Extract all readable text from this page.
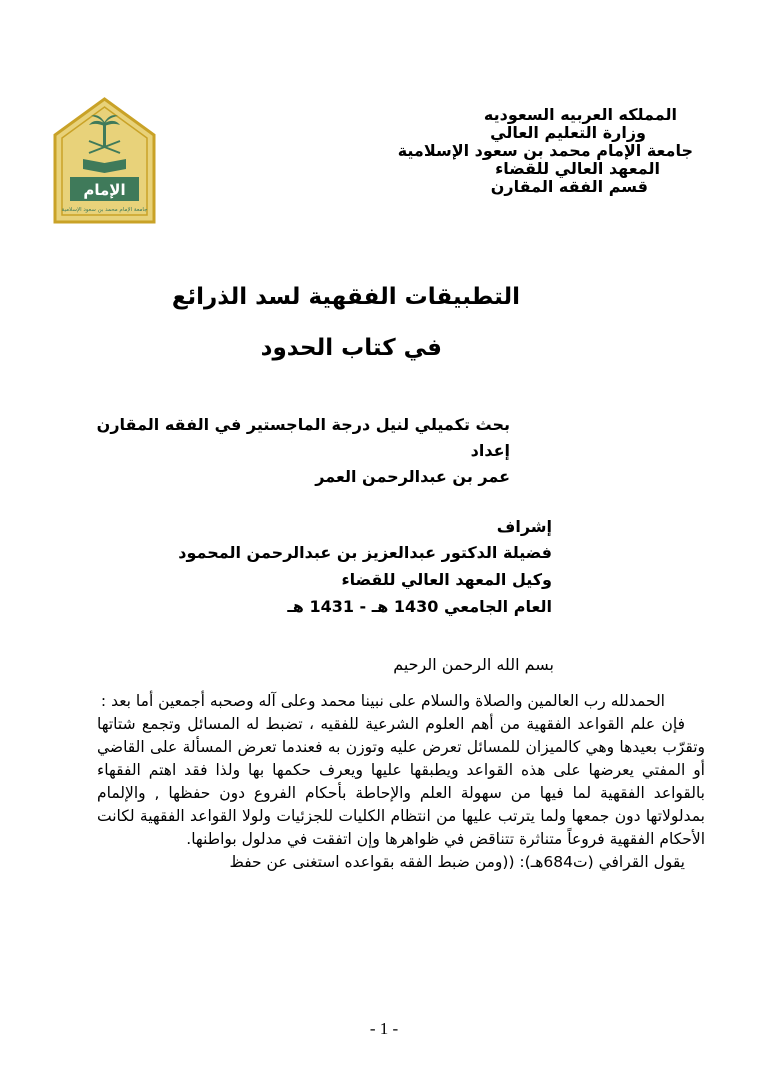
الإمام
جامعة الإمام محمد بن سعود الإسلامية
المملكه العربيه السعوديه
وزارة التعليم العالي
جامعة الإمام محمد بن سعود الإسلامية
المعهد العالي للقضاء
قسم الفقه المقارن
التطبيقات الفقهية لسد الذرائع
في كتاب الحدود
بحث تكميلي لنيل درجة الماجستير في الفقه المقارن
إعداد
عمر بن عبدالرحمن العمر
إشراف
فضيلة الدكتور عبدالعزيز بن عبدالرحمن المحمود
وكيل المعهد العالي للقضاء
العام الجامعي 1430 هـ - 1431 هـ
بسم الله الرحمن الرحيم

الحمدلله رب العالمين والصلاة والسلام على نبينا محمد وعلى آله وصحبه أجمعين أما بعد :

فإن علم القواعد الفقهية من أهم العلوم الشرعية للفقيه ، تضبط له المسائل وتجمع شتاتها وتقرّب بعيدها وهي كالميزان للمسائل تعرض عليه وتوزن به فعندما تعرض المسألة على القاضي أو المفتي يعرضها على هذه القواعد ويطبقها عليها ويعرف حكمها بها ولذا فقد اهتم الفقهاء بالقواعد الفقهية لما فيها من سهولة العلم والإحاطة بأحكام الفروع دون حفظها , والإلمام بمدلولاتها دون جمعها ولما يترتب عليها من انتظام الكليات للجزئيات ولولا القواعد الفقهية لكانت الأحكام الفقهية فروعاً متناثرة تتناقض في ظواهرها وإن اتفقت في مدلول بواطنها.

يقول القرافي (ت684هـ): ((ومن ضبط الفقه بقواعده استغنى عن حفظ

- 1 -
